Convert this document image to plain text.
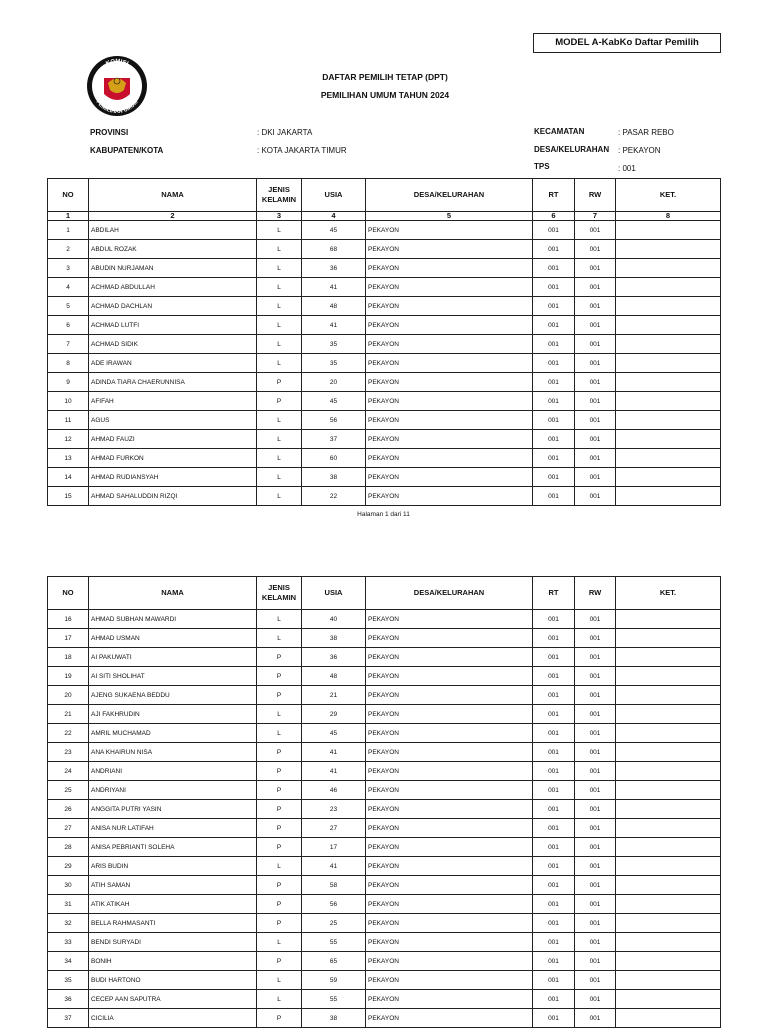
MODEL A-KabKo Daftar Pemilih
KOMISI
PEMILIHAN UMUM
DAFTAR PEMILIH TETAP (DPT)
PEMILIHAN UMUM TAHUN 2024
PROVINSI	: DKI JAKARTA
KABUPATEN/KOTA	: KOTA JAKARTA TIMUR
KECAMATAN	: PASAR REBO
DESA/KELURAHAN : PEKAYON
TPS	: 001
NO	NAMA	JENIS
KELAMIN	USIA	DESA/KELURAHAN	RT	RW	KET.
1	2	3	4	5	6	7	8
1	ABDILAH	L	45	PEKAYON	001	001	
2	ABDUL ROZAK	L	68	PEKAYON	001	001	
3	ABUDIN NURJAMAN	L	36	PEKAYON	001	001	
4	ACHMAD ABDULLAH	L	41	PEKAYON	001	001	
5	ACHMAD DACHLAN	L	48	PEKAYON	001	001	
6	ACHMAD LUTFI	L	41	PEKAYON	001	001	
7	ACHMAD SIDIK	L	35	PEKAYON	001	001	
8	ADE IRAWAN	L	35	PEKAYON	001	001	
9	ADINDA TIARA CHAERUNNISA	P	20	PEKAYON	001	001	
10	AFIFAH	P	45	PEKAYON	001	001	
11	AGUS	L	56	PEKAYON	001	001	
12	AHMAD FAUZI	L	37	PEKAYON	001	001	
13	AHMAD FURKON	L	60	PEKAYON	001	001	
14	AHMAD RUDIANSYAH	L	38	PEKAYON	001	001	
15	AHMAD SAHALUDDIN RIZQI	L	22	PEKAYON	001	001	
Halaman 1 dari 11
NO	NAMA	JENIS
KELAMIN	USIA	DESA/KELURAHAN	RT	RW	KET.
16	AHMAD SUBHAN MAWARDI	L	40	PEKAYON	001	001	
17	AHMAD USMAN	L	38	PEKAYON	001	001	
18	AI PAKUWATI	P	36	PEKAYON	001	001	
19	AI SITI SHOLIHAT	P	48	PEKAYON	001	001	
20	AJENG SUKAENA BEDDU	P	21	PEKAYON	001	001	
21	AJI FAKHRUDIN	L	29	PEKAYON	001	001	
22	AMRIL MUCHAMAD	L	45	PEKAYON	001	001	
23	ANA KHAIRUN NISA	P	41	PEKAYON	001	001	
24	ANDRIANI	P	41	PEKAYON	001	001	
25	ANDRIYANI	P	46	PEKAYON	001	001	
26	ANGGITA PUTRI YASIN	P	23	PEKAYON	001	001	
27	ANISA NUR LATIFAH	P	27	PEKAYON	001	001	
28	ANISA PEBRIANTI SOLEHA	P	17	PEKAYON	001	001	
29	ARIS BUDIN	L	41	PEKAYON	001	001	
30	ATIH SAMAN	P	58	PEKAYON	001	001	
31	ATIK ATIKAH	P	56	PEKAYON	001	001	
32	BELLA RAHMASANTI	P	25	PEKAYON	001	001	
33	BENDI SURYADI	L	55	PEKAYON	001	001	
34	BONIH	P	65	PEKAYON	001	001	
35	BUDI HARTONO	L	59	PEKAYON	001	001	
36	CECEP AAN SAPUTRA	L	55	PEKAYON	001	001	
37	CICILIA	P	38	PEKAYON	001	001	
